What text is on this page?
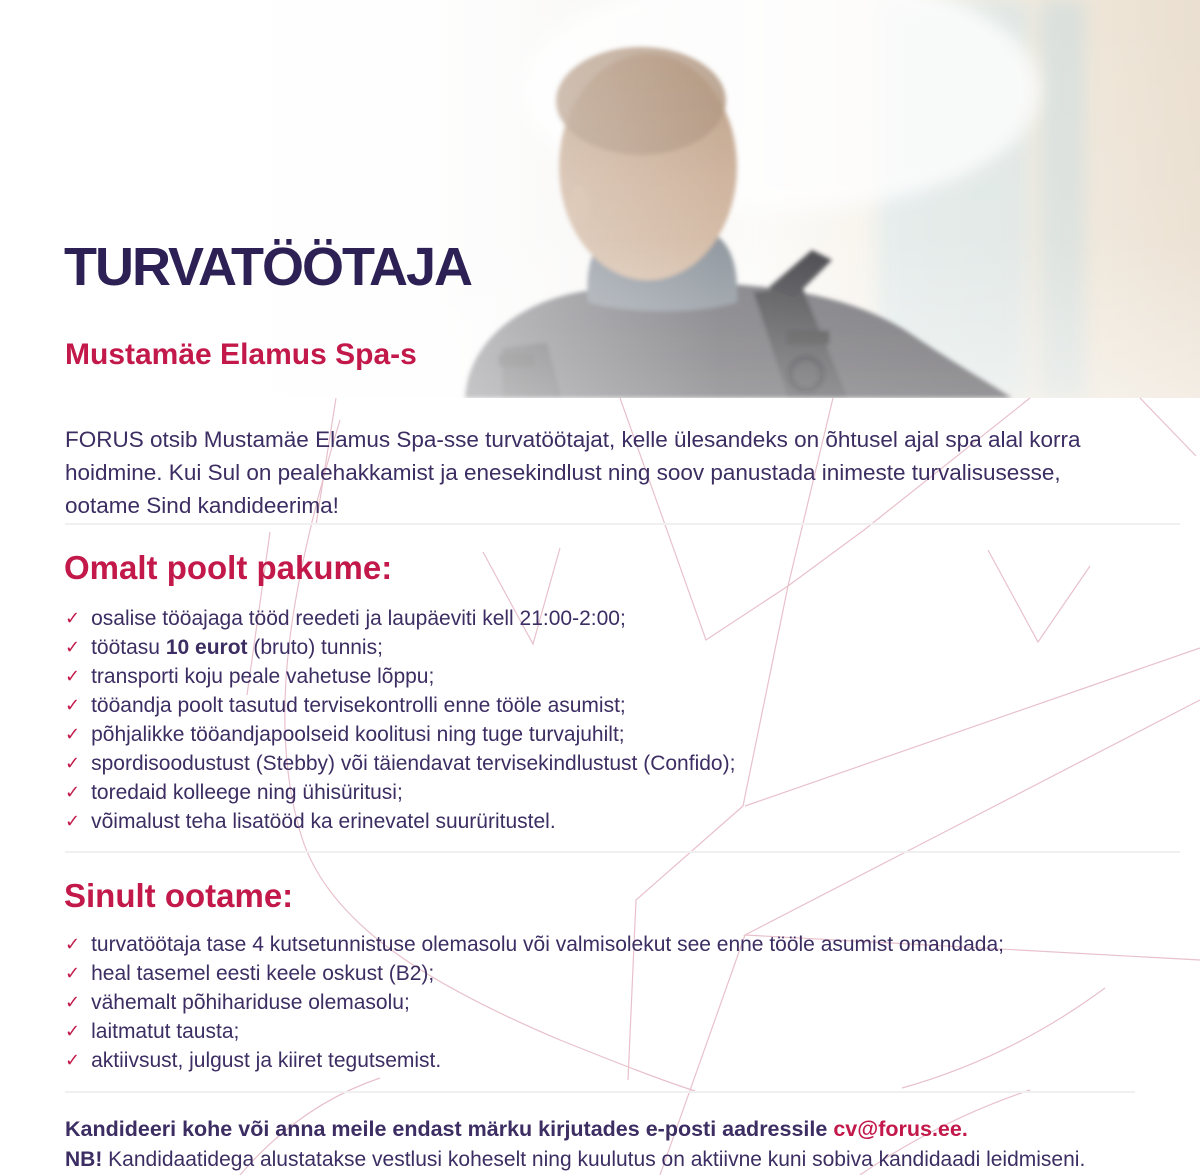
TURVATÖÖTAJA
Mustamäe Elamus Spa-s
FORUS otsib Mustamäe Elamus Spa-sse turvatöötajat, kelle ülesandeks on õhtusel ajal spa alal korra
hoidmine. Kui Sul on pealehakkamist ja enesekindlust ning soov panustada inimeste turvalisusesse,
ootame Sind kandideerima!
Omalt poolt pakume:
✓ osalise tööajaga tööd reedeti ja laupäeviti kell 21:00-2:00;
✓ töötasu 10 eurot (bruto) tunnis;
✓ transporti koju peale vahetuse lõppu;
✓ tööandja poolt tasutud tervisekontrolli enne tööle asumist;
✓ põhjalikke tööandjapoolseid koolitusi ning tuge turvajuhilt;
✓ spordisoodustust (Stebby) või täiendavat tervisekindlustust (Confido);
✓ toredaid kolleege ning ühisüritusi;
✓ võimalust teha lisatööd ka erinevatel suurüritustel.
Sinult ootame:
✓ turvatöötaja tase 4 kutsetunnistuse olemasolu või valmisolekut see enne tööle asumist omandada;
✓ heal tasemel eesti keele oskust (B2);
✓ vähemalt põhihariduse olemasolu;
✓ laitmatut tausta;
✓ aktiivsust, julgust ja kiiret tegutsemist.
Kandideeri kohe või anna meile endast märku kirjutades e-posti aadressile cv@forus.ee.
NB! Kandidaatidega alustatakse vestlusi koheselt ning kuulutus on aktiivne kuni sobiva kandidaadi leidmiseni.
